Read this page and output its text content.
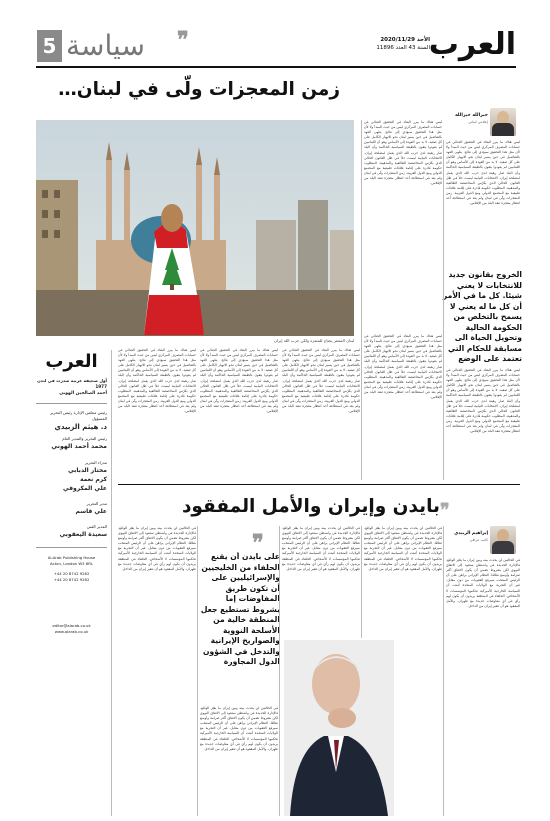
5 سياسة	❞	الأحد 2020/11/29
السنة 43 العدد 11896
العرب
زمن المعجزات ولّى في لبنان…
خيرالله خيرالله
إعلامي لبناني
لبنان المتعثر يحتاج للمتعزة ولكن حزب الله إيران
ليس هناك ما يبرر البقاء في التحقيق الجنائي في حسابات المصرف المركزي ليس من حيث المبدأ ولا لأن مثل هذا التحقيق سيؤدي إلى نتائج. يتلهى العهد بالتفاصيل في حين يسير لبنان نحو الانهيار الكامل على كل صعيد. لا بد من العودة إلى الأساس وهو أن اللبنانيين لم يعودوا يثقون بالطبقة السياسية الحاكمة وأن البلد صار رهينة لدى حزب الله الذي يعمل لمصلحة إيران. الانتخابات النيابية ليست حلاً في ظل القانون الحالي الذي يكرّس المحاصصة الطائفية والمذهبية. المطلوب حكومة قادرة على إقامة علاقات طبيعية مع المجتمع الدولي ومع الدول العربية. زمن المعجزات ولّى في لبنان ولم يعد في استطاعة أحد انتظار معجزة تنقذ البلد من الإفلاس.
ليس هناك ما يبرر البقاء في التحقيق الجنائي في حسابات المصرف المركزي ليس من حيث المبدأ ولا لأن مثل هذا التحقيق سيؤدي إلى نتائج. يتلهى العهد بالتفاصيل في حين يسير لبنان نحو الانهيار الكامل على كل صعيد. لا بد من العودة إلى الأساس وهو أن اللبنانيين لم يعودوا يثقون بالطبقة السياسية الحاكمة وأن البلد صار رهينة لدى حزب الله الذي يعمل لمصلحة إيران. الانتخابات النيابية ليست حلاً في ظل القانون الحالي الذي يكرّس المحاصصة الطائفية والمذهبية. المطلوب حكومة قادرة على إقامة علاقات طبيعية مع المجتمع الدولي ومع الدول العربية. زمن المعجزات ولّى في لبنان ولم يعد في استطاعة أحد انتظار معجزة تنقذ البلد من الإفلاس.
الخروج بقانون جديد للانتخابات لا يعني شيئا. كل ما في الأمر أن كل ما له يعني لا يسمح بالتخلص من الحكومة الحالية وتحويل الحياة الى مسابقة للحكام التي تعتمد على الوضع
ليس هناك ما يبرر البقاء في التحقيق الجنائي في حسابات المصرف المركزي ليس من حيث المبدأ ولا لأن مثل هذا التحقيق سيؤدي إلى نتائج. يتلهى العهد بالتفاصيل في حين يسير لبنان نحو الانهيار الكامل على كل صعيد. لا بد من العودة إلى الأساس وهو أن اللبنانيين لم يعودوا يثقون بالطبقة السياسية الحاكمة وأن البلد صار رهينة لدى حزب الله الذي يعمل لمصلحة إيران. الانتخابات النيابية ليست حلاً في ظل القانون الحالي الذي يكرّس المحاصصة الطائفية والمذهبية. المطلوب حكومة قادرة على إقامة علاقات طبيعية مع المجتمع الدولي ومع الدول العربية. زمن المعجزات ولّى في لبنان ولم يعد في استطاعة أحد انتظار معجزة تنقذ البلد من الإفلاس.
ليس هناك ما يبرر البقاء في التحقيق الجنائي في حسابات المصرف المركزي ليس من حيث المبدأ ولا لأن مثل هذا التحقيق سيؤدي إلى نتائج. يتلهى العهد بالتفاصيل في حين يسير لبنان نحو الانهيار الكامل على كل صعيد. لا بد من العودة إلى الأساس وهو أن اللبنانيين لم يعودوا يثقون بالطبقة السياسية الحاكمة وأن البلد صار رهينة لدى حزب الله الذي يعمل لمصلحة إيران. الانتخابات النيابية ليست حلاً في ظل القانون الحالي الذي يكرّس المحاصصة الطائفية والمذهبية. المطلوب حكومة قادرة على إقامة علاقات طبيعية مع المجتمع الدولي ومع الدول العربية. زمن المعجزات ولّى في لبنان ولم يعد في استطاعة أحد انتظار معجزة تنقذ البلد من الإفلاس.
ليس هناك ما يبرر البقاء في التحقيق الجنائي في حسابات المصرف المركزي ليس من حيث المبدأ ولا لأن مثل هذا التحقيق سيؤدي إلى نتائج. يتلهى العهد بالتفاصيل في حين يسير لبنان نحو الانهيار الكامل على كل صعيد. لا بد من العودة إلى الأساس وهو أن اللبنانيين لم يعودوا يثقون بالطبقة السياسية الحاكمة وأن البلد صار رهينة لدى حزب الله الذي يعمل لمصلحة إيران. الانتخابات النيابية ليست حلاً في ظل القانون الحالي الذي يكرّس المحاصصة الطائفية والمذهبية. المطلوب حكومة قادرة على إقامة علاقات طبيعية مع المجتمع الدولي ومع الدول العربية. زمن المعجزات ولّى في لبنان ولم يعد في استطاعة أحد انتظار معجزة تنقذ البلد من الإفلاس.
ليس هناك ما يبرر البقاء في التحقيق الجنائي في حسابات المصرف المركزي ليس من حيث المبدأ ولا لأن مثل هذا التحقيق سيؤدي إلى نتائج. يتلهى العهد بالتفاصيل في حين يسير لبنان نحو الانهيار الكامل على كل صعيد. لا بد من العودة إلى الأساس وهو أن اللبنانيين لم يعودوا يثقون بالطبقة السياسية الحاكمة وأن البلد صار رهينة لدى حزب الله الذي يعمل لمصلحة إيران. الانتخابات النيابية ليست حلاً في ظل القانون الحالي الذي يكرّس المحاصصة الطائفية والمذهبية. المطلوب حكومة قادرة على إقامة علاقات طبيعية مع المجتمع الدولي ومع الدول العربية. زمن المعجزات ولّى في لبنان ولم يعد في استطاعة أحد انتظار معجزة تنقذ البلد من الإفلاس.
ليس هناك ما يبرر البقاء في التحقيق الجنائي في حسابات المصرف المركزي ليس من حيث المبدأ ولا لأن مثل هذا التحقيق سيؤدي إلى نتائج. يتلهى العهد بالتفاصيل في حين يسير لبنان نحو الانهيار الكامل على كل صعيد. لا بد من العودة إلى الأساس وهو أن اللبنانيين لم يعودوا يثقون بالطبقة السياسية الحاكمة وأن البلد صار رهينة لدى حزب الله الذي يعمل لمصلحة إيران. الانتخابات النيابية ليست حلاً في ظل القانون الحالي الذي يكرّس المحاصصة الطائفية والمذهبية. المطلوب حكومة قادرة على إقامة علاقات طبيعية مع المجتمع الدولي ومع الدول العربية. زمن المعجزات ولّى في لبنان ولم يعد في استطاعة أحد انتظار معجزة تنقذ البلد من الإفلاس.
العرب
أول صحيفة عربية صدرت في لندن 1977
أحمد الصالحين الهوني
رئيس مجلس الإدارة رئيس التحرير المسؤول
د. هيثم الزبيدي
رئيس التحرير والمدير العام
محمد أحمد الهوني
مدراء التحرير
مختار الدبابي
كرم نعمة
علي المكروفي
مدير التحرير
علي قاسم
المدير الفني
سعيدة اليعقوبي
Al-Arab Publishing House
Acton, London W3 6RL
+44 20 8742 9262
+44 20 8742 9282
editor@alarab.co.uk
www.alarab.co.uk
بايدن وإيران والأمل المفقود ❞
إبراهيم الزبيدي
كاتب عراقي
في الحالتين لن يحدث بينه وبين إيران ما يغيّر الواقع. فالإدارة الجديدة في واشنطن ستعود إلى الاتفاق النووي لكن بشروط تضمن أن يكون الاتفاق أكثر صرامة وأوسع نطاقا. النظام الإيراني يراهن على أن الرئيس المنتخب سيرفع العقوبات من دون مقابل. غير أن التجربة مع الولايات المتحدة أثبتت أن السياسة الخارجية الأميركية تحكمها المؤسسات لا الأشخاص. الحلفاء في المنطقة يريدون أن يكون لهم رأي في أي مفاوضات جديدة مع طهران. والأمل المفقود هو أن تتغير إيران من الداخل.
في الحالتين لن يحدث بينه وبين إيران ما يغيّر الواقع. فالإدارة الجديدة في واشنطن ستعود إلى الاتفاق النووي لكن بشروط تضمن أن يكون الاتفاق أكثر صرامة وأوسع نطاقا. النظام الإيراني يراهن على أن الرئيس المنتخب سيرفع العقوبات من دون مقابل. غير أن التجربة مع الولايات المتحدة أثبتت أن السياسة الخارجية الأميركية تحكمها المؤسسات لا الأشخاص. الحلفاء في المنطقة يريدون أن يكون لهم رأي في أي مفاوضات جديدة مع طهران. والأمل المفقود هو أن تتغير إيران من الداخل.
في الحالتين لن يحدث بينه وبين إيران ما يغيّر الواقع. فالإدارة الجديدة في واشنطن ستعود إلى الاتفاق النووي لكن بشروط تضمن أن يكون الاتفاق أكثر صرامة وأوسع نطاقا. النظام الإيراني يراهن على أن الرئيس المنتخب سيرفع العقوبات من دون مقابل. غير أن التجربة مع الولايات المتحدة أثبتت أن السياسة الخارجية الأميركية تحكمها المؤسسات لا الأشخاص. الحلفاء في المنطقة يريدون أن يكون لهم رأي في أي مفاوضات جديدة مع طهران. والأمل المفقود هو أن تتغير إيران من الداخل.
في الحالتين لن يحدث بينه وبين إيران ما يغيّر الواقع. فالإدارة الجديدة في واشنطن ستعود إلى الاتفاق النووي لكن بشروط تضمن أن يكون الاتفاق أكثر صرامة وأوسع نطاقا. النظام الإيراني يراهن على أن الرئيس المنتخب سيرفع العقوبات من دون مقابل. غير أن التجربة مع الولايات المتحدة أثبتت أن السياسة الخارجية الأميركية تحكمها المؤسسات لا الأشخاص. الحلفاء في المنطقة يريدون أن يكون لهم رأي في أي مفاوضات جديدة مع طهران. والأمل المفقود هو أن تتغير إيران من الداخل.
❞
على بايدن أن يقنع الحلفاء من الخليجيين والإسرائيليين على أن تكون طريق المفاوضات إما بشروط تستطيع جعل المنطقة خالية من الأسلحة النووية والصواريخ الإيرانية والتدخل في الشؤون الدول المجاورة
في الحالتين لن يحدث بينه وبين إيران ما يغيّر الواقع. فالإدارة الجديدة في واشنطن ستعود إلى الاتفاق النووي لكن بشروط تضمن أن يكون الاتفاق أكثر صرامة وأوسع نطاقا. النظام الإيراني يراهن على أن الرئيس المنتخب سيرفع العقوبات من دون مقابل. غير أن التجربة مع الولايات المتحدة أثبتت أن السياسة الخارجية الأميركية تحكمها المؤسسات لا الأشخاص. الحلفاء في المنطقة يريدون أن يكون لهم رأي في أي مفاوضات جديدة مع طهران. والأمل المفقود هو أن تتغير إيران من الداخل.
